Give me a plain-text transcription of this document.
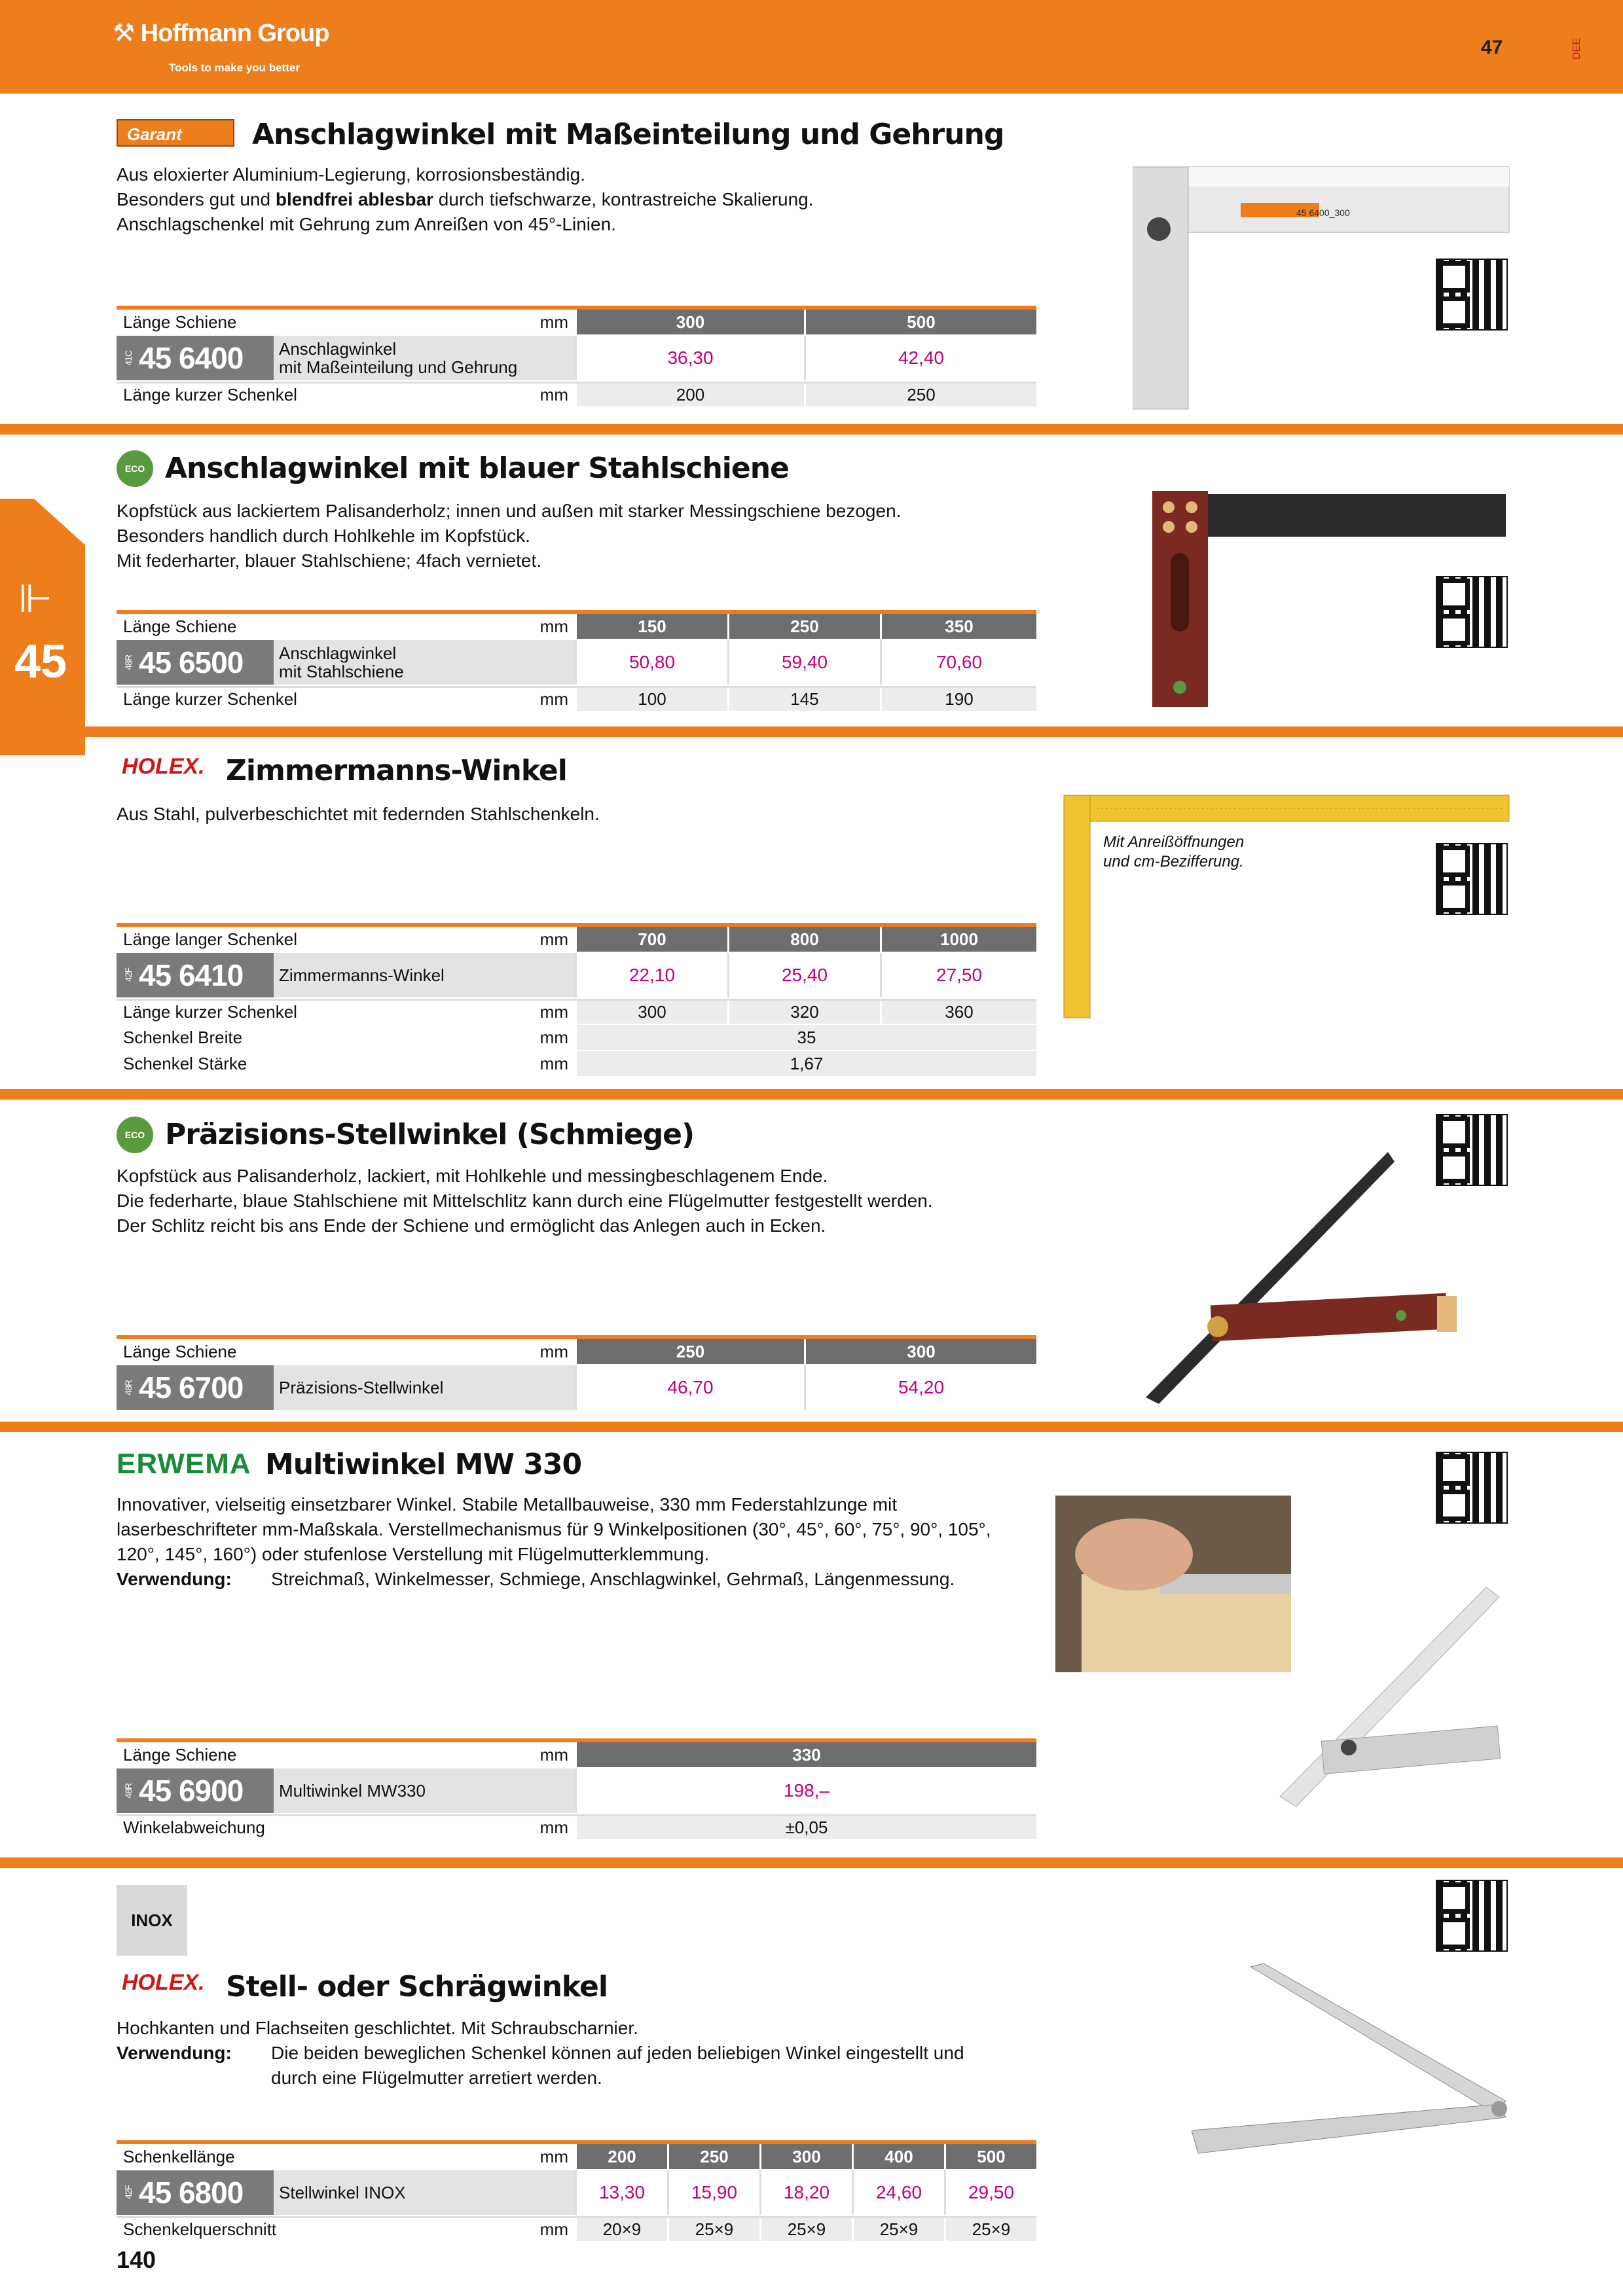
⚒ Hoffmann Group
Tools to make you better
47	DEE
⊩
45
Garant	Anschlagwinkel mit Maßeinteilung und Gehrung
Aus eloxierter Aluminium-Legierung, korrosionsbeständig.
Besonders gut und blendfrei ablesbar durch tiefschwarze, kontrastreiche Skalierung.
Anschlagschenkel mit Gehrung zum Anreißen von 45°-Linien.
Länge Schiene	mm	300	500
41C 45 6400 Anschlagwinkel
mit Maßeinteilung und Gehrung	36,30	42,40
Länge kurzer Schenkel	mm	200	250
45 6400_300
ECO Anschlagwinkel mit blauer Stahlschiene
Kopfstück aus lackiertem Palisanderholz; innen und außen mit starker Messingschiene bezogen.
Besonders handlich durch Hohlkehle im Kopfstück.
Mit federharter, blauer Stahlschiene; 4fach vernietet.
Länge Schiene	mm	150	250	350
48R 45 6500 Anschlagwinkel
mit Stahlschiene	50,80	59,40	70,60
Länge kurzer Schenkel	mm	100	145	190
HOLEX. Zimmermanns-Winkel
Aus Stahl, pulverbeschichtet mit federnden Stahlschenkeln.
Länge langer Schenkel	mm	700	800	1000
42F 45 6410 Zimmermanns-Winkel	22,10	25,40	27,50
Länge kurzer Schenkel	mm	300	320	360
Schenkel Breite	mm	35
Schenkel Stärke	mm	1,67
Mit Anreißöffnungen
und cm-Bezifferung.
ECO Präzisions-Stellwinkel (Schmiege)
Kopfstück aus Palisanderholz, lackiert, mit Hohlkehle und messingbeschlagenem Ende.
Die federharte, blaue Stahlschiene mit Mittelschlitz kann durch eine Flügelmutter festgestellt werden.
Der Schlitz reicht bis ans Ende der Schiene und ermöglicht das Anlegen auch in Ecken.
Länge Schiene	mm	250	300
48R 45 6700 Präzisions-Stellwinkel	46,70	54,20
ERWEMA Multiwinkel MW 330
Innovativer, vielseitig einsetzbarer Winkel. Stabile Metallbauweise, 330 mm Federstahlzunge mit
laserbeschrifteter mm-Maßskala. Verstellmechanismus für 9 Winkelpositionen (30°, 45°, 60°, 75°, 90°, 105°,
120°, 145°, 160°) oder stufenlose Verstellung mit Flügelmutterklemmung.
Verwendung: Streichmaß, Winkelmesser, Schmiege, Anschlagwinkel, Gehrmaß, Längenmessung.
Länge Schiene	mm	330
48R 45 6900 Multiwinkel MW330	198,–
Winkelabweichung	mm	±0,05
INOX
HOLEX. Stell- oder Schrägwinkel
Hochkanten und Flachseiten geschlichtet. Mit Schraubscharnier.
Verwendung: Die beiden beweglichen Schenkel können auf jeden beliebigen Winkel eingestellt und
durch eine Flügelmutter arretiert werden.
Schenkellänge	mm	200	250	300	400	500
42F 45 6800 Stellwinkel INOX	13,30	15,90	18,20	24,60	29,50
Schenkelquerschnitt	mm	20×9	25×9	25×9	25×9	25×9
140
